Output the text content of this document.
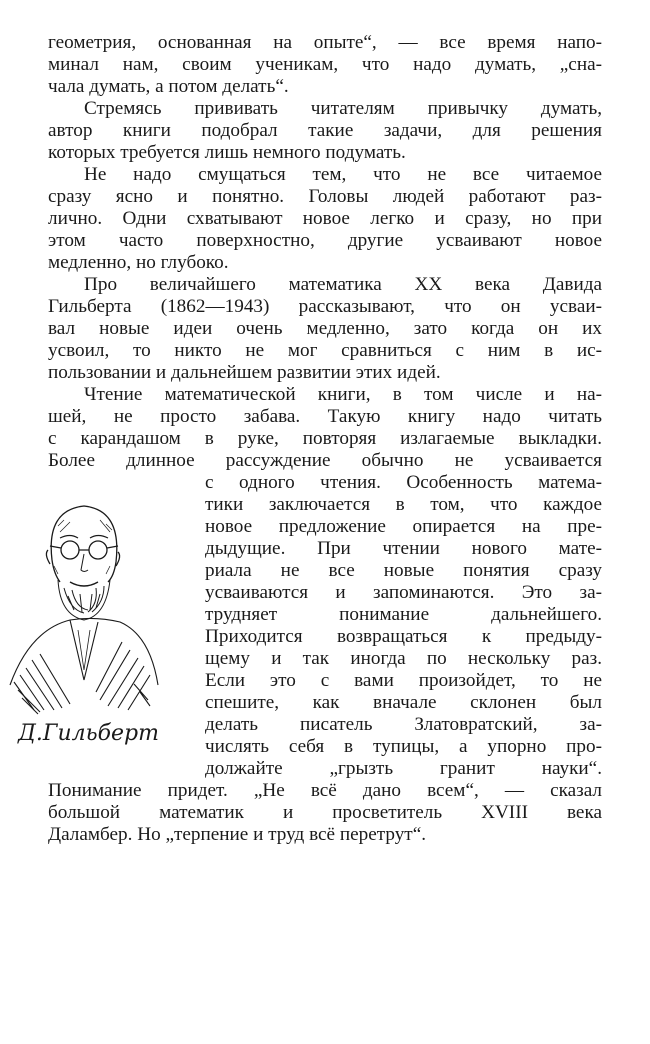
геометрия, основанная на опыте“, — все время напо-
минал нам, своим ученикам, что надо думать, „сна-
чала думать, а потом делать“.
Стремясь прививать читателям привычку думать,
автор книги подобрал такие задачи, для решения
которых требуется лишь немного подумать.
Не надо смущаться тем, что не все читаемое
сразу ясно и понятно. Головы людей работают раз-
лично. Одни схватывают новое легко и сразу, но при
этом часто поверхностно, другие усваивают новое
медленно, но глубоко.
Про величайшего математика XX века Давида
Гильберта (1862—1943) рассказывают, что он усваи-
вал новые идеи очень медленно, зато когда он их
усвоил, то никто не мог сравниться с ним в ис-
пользовании и дальнейшем развитии этих идей.
Чтение математической книги, в том числе и на-
шей, не просто забава. Такую книгу надо читать
с карандашом в руке, повторяя излагаемые выкладки.
Более длинное рассуждение обычно не усваивается
с одного чтения. Особенность матема-
тики заключается в том, что каждое
новое предложение опирается на пре-
дыдущие. При чтении нового мате-
риала не все новые понятия сразу
усваиваются и запоминаются. Это за-
трудняет понимание дальнейшего.
Приходится возвращаться к предыду-
щему и так иногда по нескольку раз.
Если это с вами произойдет, то не
спешите, как вначале склонен был
делать писатель Златовратский, за-
числять себя в тупицы, а упорно про-
должайте „грызть гранит науки“.
Понимание придет. „Не всё дано всем“, — сказал
большой математик и просветитель XVIII века
Даламбер. Но „терпение и труд всё перетрут“.
Д.Гильберт
